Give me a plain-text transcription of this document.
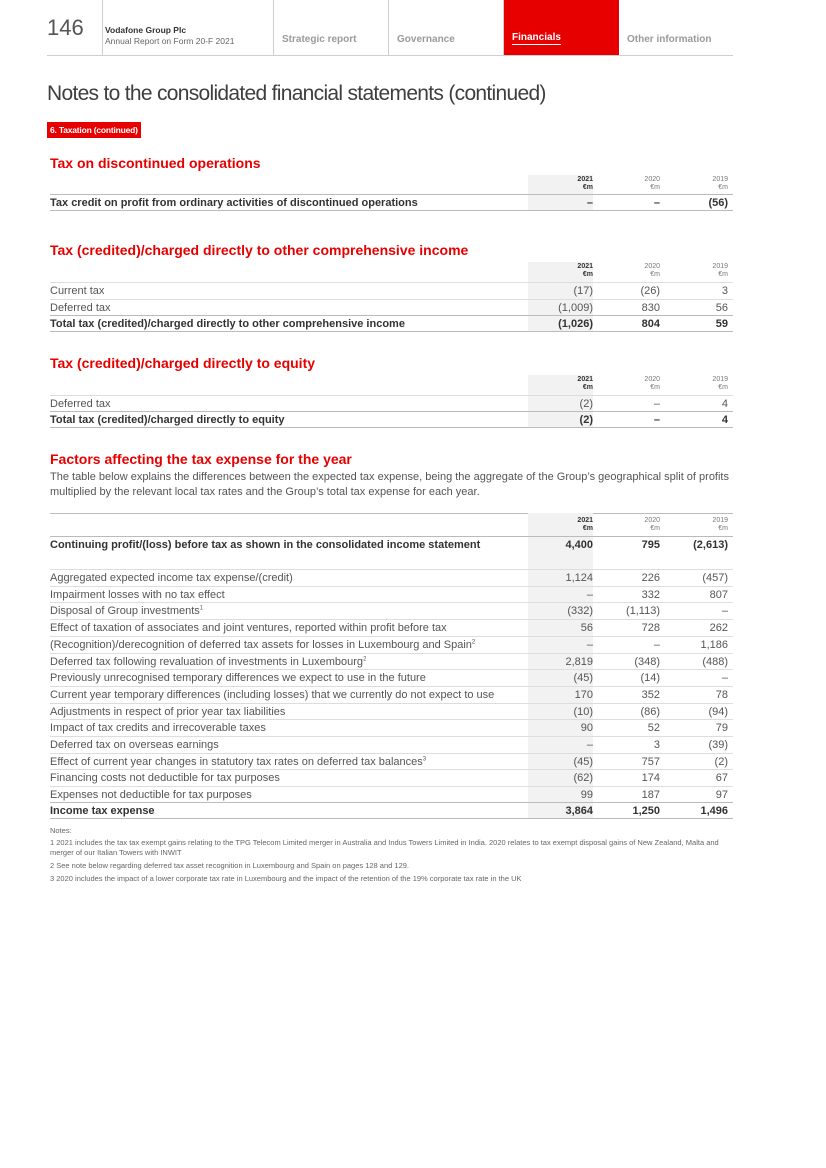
146	Vodafone Group Plc
Annual Report on Form 20-F 2021	Strategic report	Governance	Financials	Other information
Notes to the consolidated financial statements (continued)
6. Taxation (continued)
Tax on discontinued operations
2021
€m
2020
€m
2019
€m
Tax credit on profit from ordinary activities of discontinued operations	–	–	(56)
Tax (credited)/charged directly to other comprehensive income
2021
€m
2020
€m
2019
€m
Current tax	(17)	(26)	3
Deferred tax	(1,009)	830	56
Total tax (credited)/charged directly to other comprehensive income	(1,026)	804	59
Tax (credited)/charged directly to equity
2021
€m
2020
€m
2019
€m
Deferred tax	(2)	–	4
Total tax (credited)/charged directly to equity	(2)	–	4
Factors affecting the tax expense for the year
The table below explains the differences between the expected tax expense, being the aggregate of the Group’s geographical split of profits multiplied by the relevant local tax rates and the Group’s total tax expense for each year.
2021
€m
2020
€m
2019
€m
Continuing profit/(loss) before tax as shown in the consolidated income statement	4,400	795	(2,613)
Aggregated expected income tax expense/(credit)	1,124	226	(457)
Impairment losses with no tax effect	–	332	807
Disposal of Group investments$^1$	(332)	(1,113)	–
Effect of taxation of associates and joint ventures, reported within profit before tax	56	728	262
(Recognition)/derecognition of deferred tax assets for losses in Luxembourg and Spain$^2$	–	–	1,186
Deferred tax following revaluation of investments in Luxembourg$^2$	2,819	(348)	(488)
Previously unrecognised temporary differences we expect to use in the future	(45)	(14)	–
Current year temporary differences (including losses) that we currently do not expect to use	170	352	78
Adjustments in respect of prior year tax liabilities	(10)	(86)	(94)
Impact of tax credits and irrecoverable taxes	90	52	79
Deferred tax on overseas earnings	–	3	(39)
Effect of current year changes in statutory tax rates on deferred tax balances$^3$	(45)	757	(2)
Financing costs not deductible for tax purposes	(62)	174	67
Expenses not deductible for tax purposes	99	187	97
Income tax expense	3,864	1,250	1,496
Notes:
1 2021 includes the tax tax exempt gains relating to the TPG Telecom Limited merger in Australia and Indus Towers Limited in India. 2020 relates to tax exempt disposal gains of New Zealand, Malta and merger of our Italian Towers with INWIT
2 See note below regarding deferred tax asset recognition in Luxembourg and Spain on pages 128 and 129.
3 2020 includes the impact of a lower corporate tax rate in Luxembourg and the impact of the retention of the 19% corporate tax rate in the UK
